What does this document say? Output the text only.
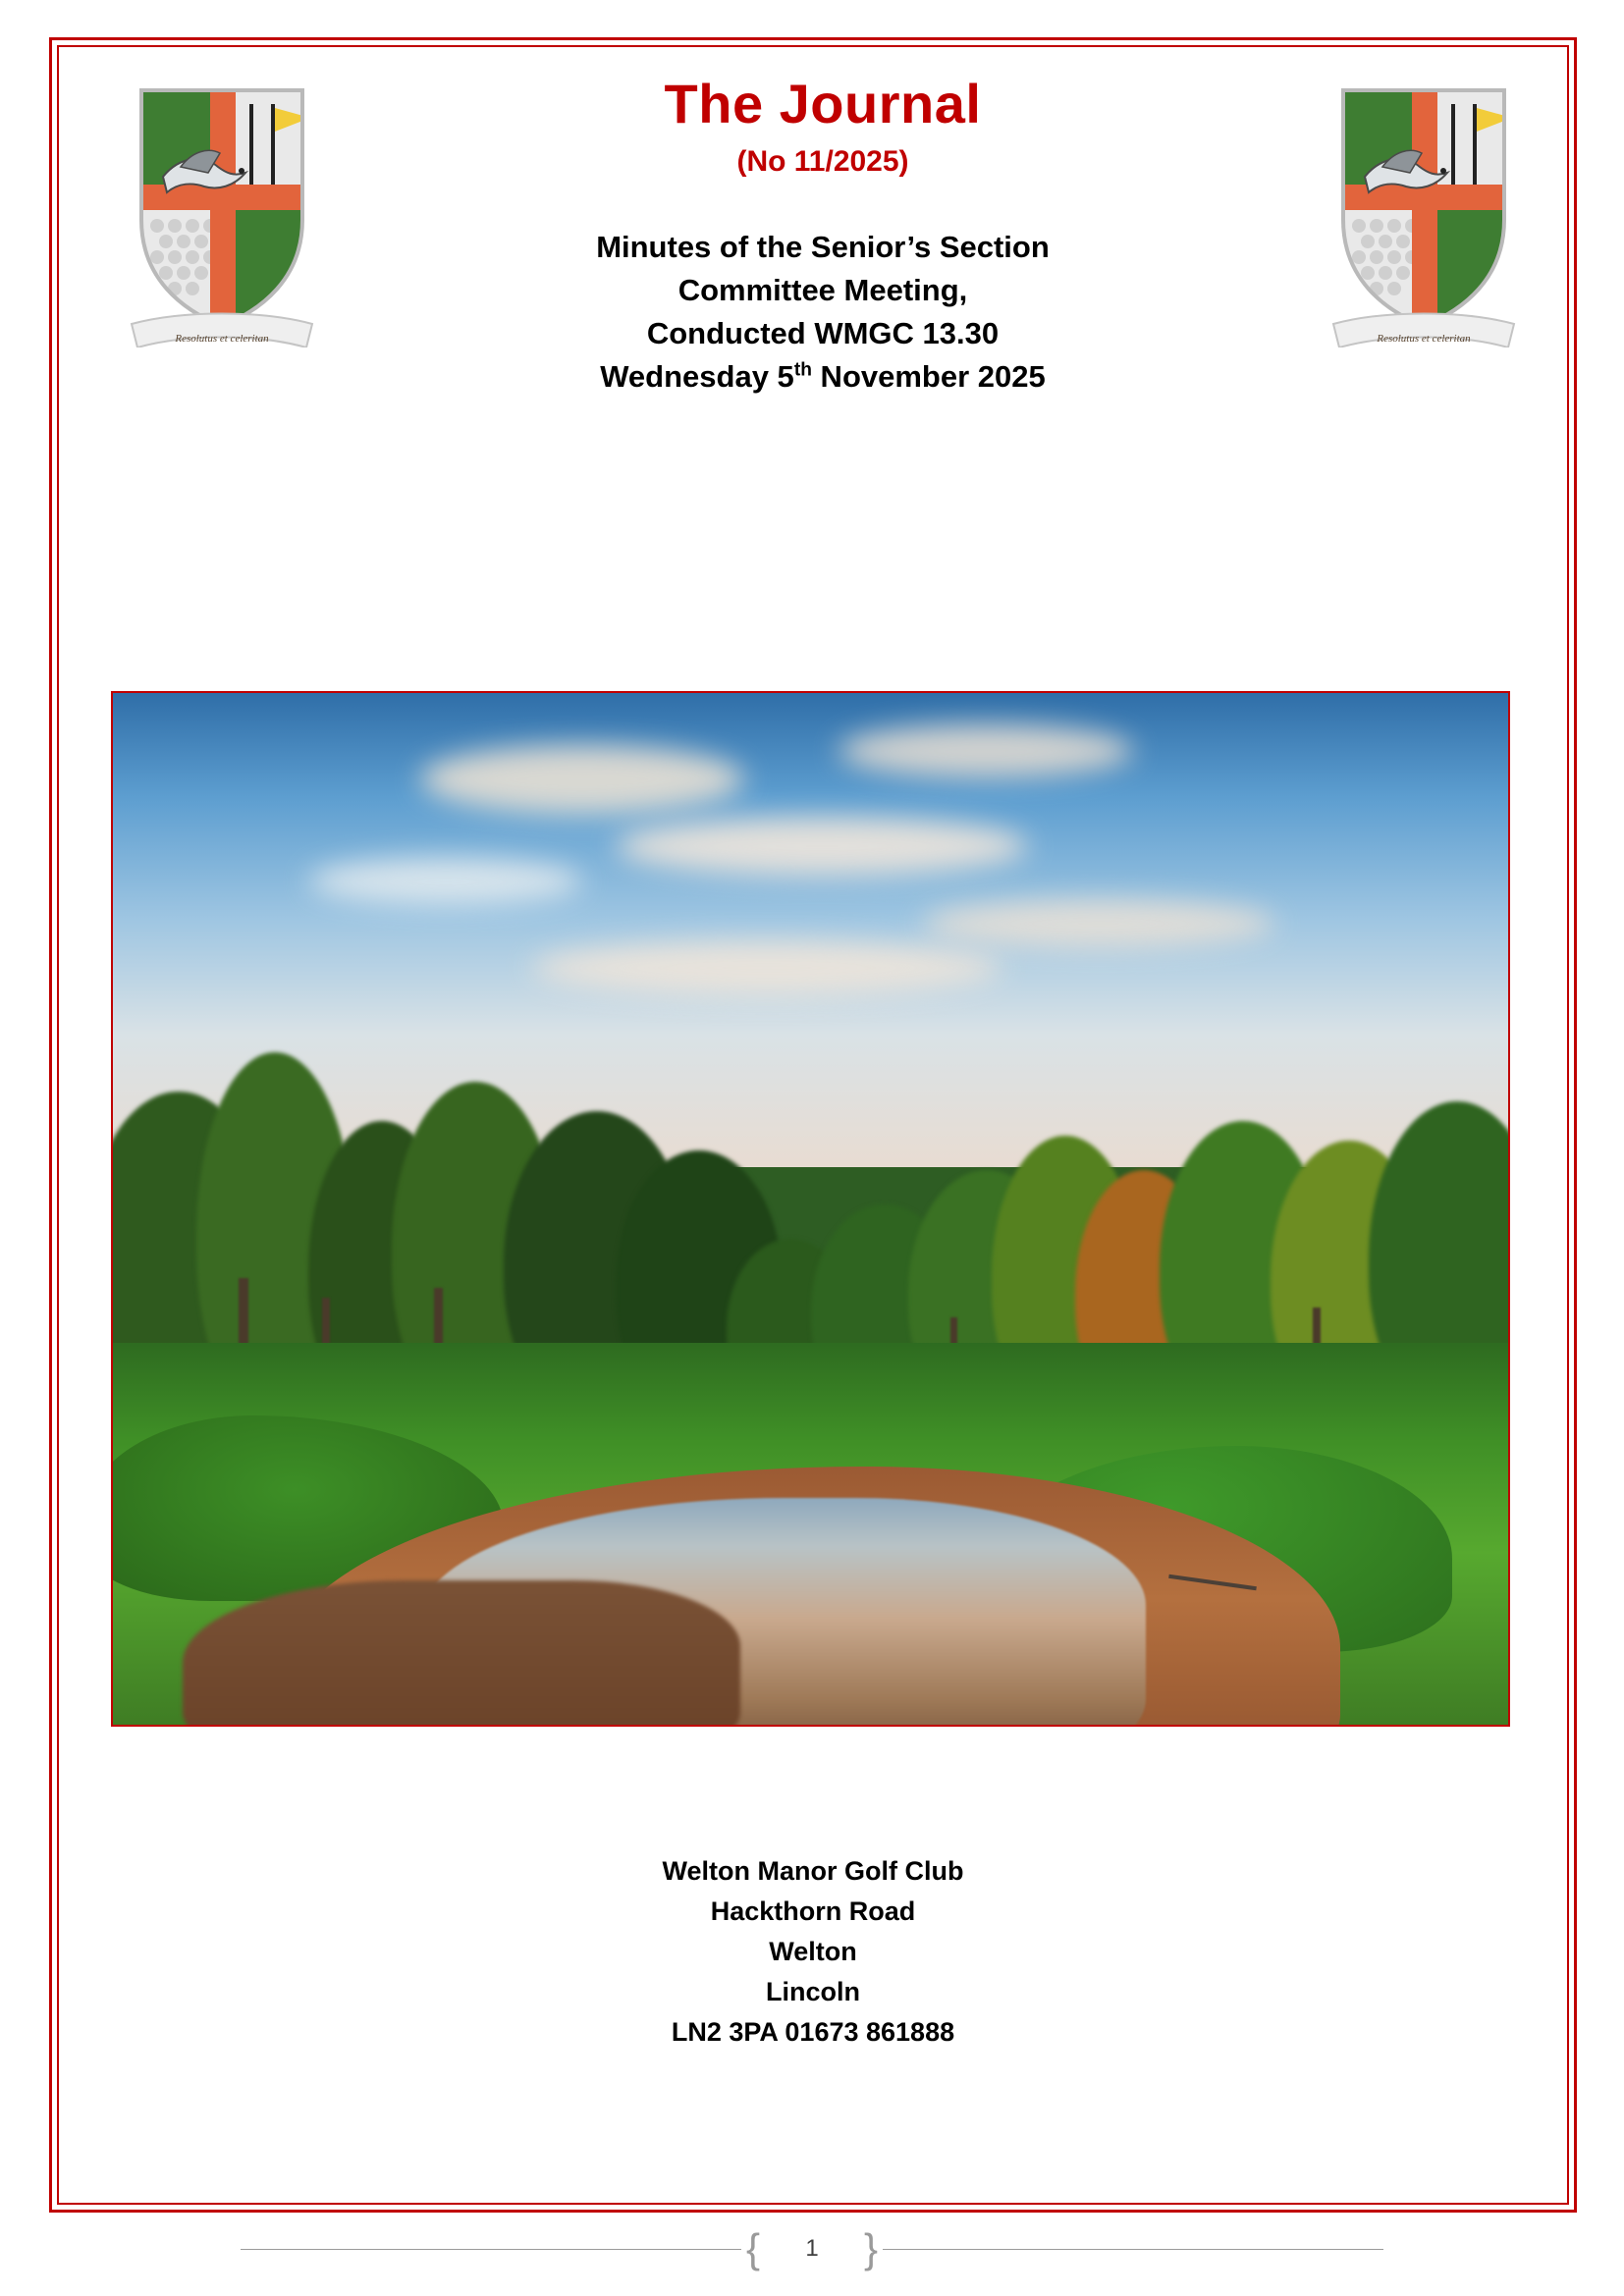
Resolutus et celeritan	Resolutus et celeritan
The Journal
(No 11/2025)
Minutes of the Senior’s Section
Committee Meeting,
Conducted WMGC 13.30
Wednesday 5th November 2025
Welton Manor Golf Club
Hackthorn Road
Welton
Lincoln
LN2 3PA 01673 861888
{ 1 }
